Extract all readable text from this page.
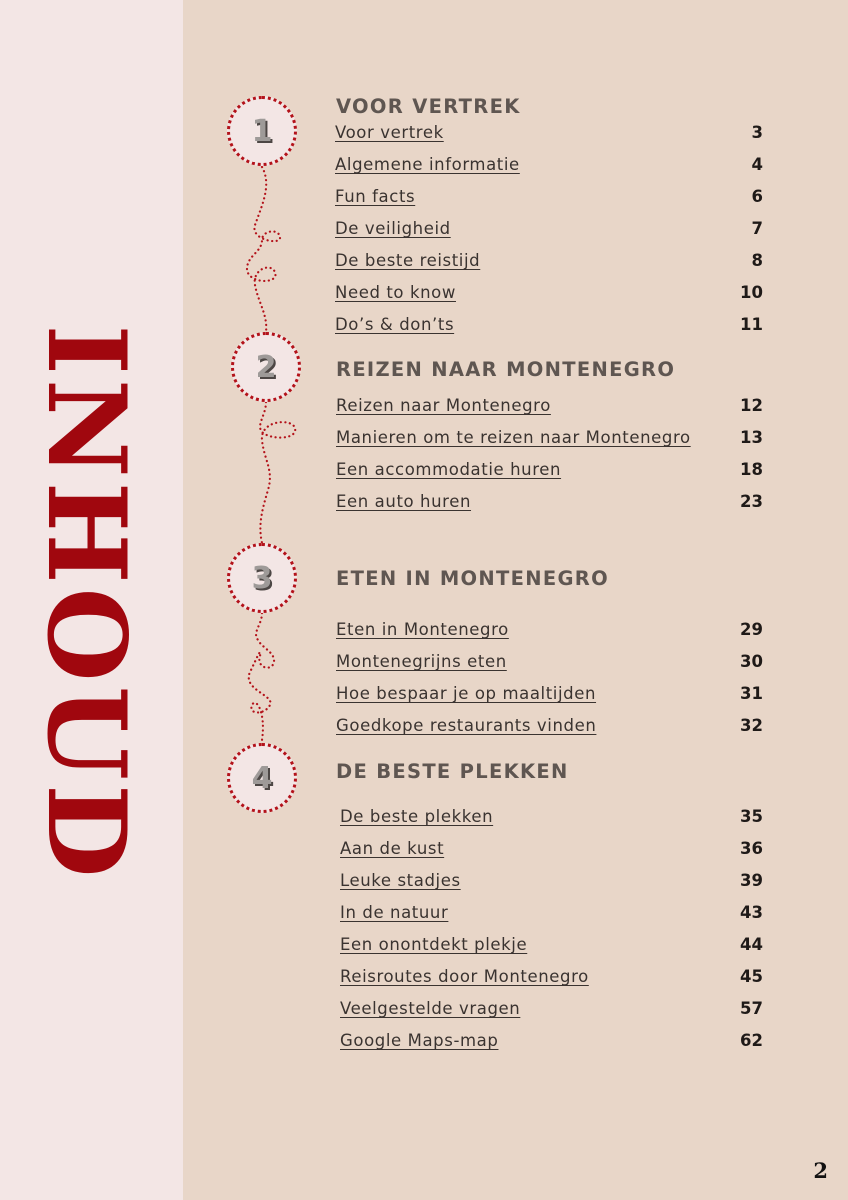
INHOUD
1
VOOR VERTREK
Voor vertrek	3
Algemene informatie	4
Fun facts	6
De veiligheid	7
De beste reistijd	8
Need to know	10
Do’s & don’ts	11
2	REIZEN NAAR MONTENEGRO
Reizen naar Montenegro	12
Manieren om te reizen naar Montenegro	13
Een accommodatie huren	18
Een auto huren	23
3	ETEN IN MONTENEGRO
Eten in Montenegro	29
Montenegrijns eten	30
Hoe bespaar je op maaltijden	31
Goedkope restaurants vinden	32
4	DE BESTE PLEKKEN
De beste plekken	35
Aan de kust	36
Leuke stadjes	39
In de natuur	43
Een onontdekt plekje	44
Reisroutes door Montenegro	45
Veelgestelde vragen	57
Google Maps-map	62
2
